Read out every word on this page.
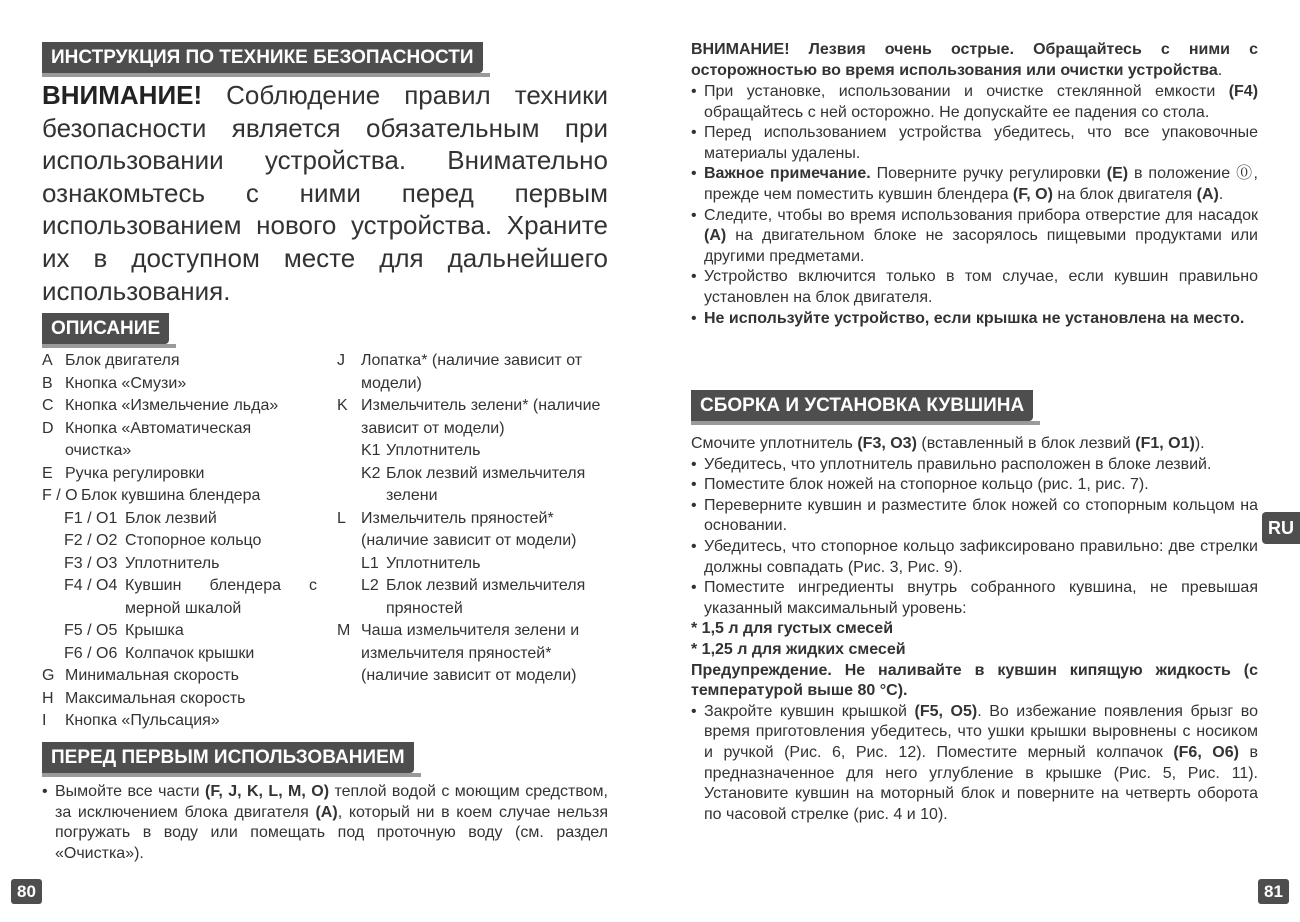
ИНСТРУКЦИЯ ПО ТЕХНИКЕ БЕЗОПАСНОСТИ
ВНИМАНИЕ! Соблюдение правил техники безопасности является обязательным при использовании устройства. Внимательно ознакомьтесь с ними перед первым использованием нового устройства. Храните их в доступном месте для дальнейшего использования.
ОПИСАНИЕ
A Блок двигателя
B Кнопка «Смузи»
C Кнопка «Измельчение льда»
D Кнопка «Автоматическая очистка»
E Ручка регулировки
F / O Блок кувшина блендера
F1 / O1 Блок лезвий
F2 / O2 Стопорное кольцо
F3 / O3 Уплотнитель
F4 / O4 Кувшин блендера с мерной шкалой
F5 / O5 Крышка
F6 / O6 Колпачок крышки
G Минимальная скорость
H Максимальная скорость
I	Кнопка «Пульсация»
J	Лопатка* (наличие зависит от модели)
K Измельчитель зелени* (наличие зависит от модели)
K1 Уплотнитель
K2 Блок лезвий измельчителя зелени
L Измельчитель пряностей* (наличие зависит от модели)
L1 Уплотнитель
L2 Блок лезвий измельчителя пряностей
M Чаша измельчителя зелени и измельчителя пряностей* (наличие зависит от модели)
ПЕРЕД ПЕРВЫМ ИСПОЛЬЗОВАНИЕМ
• Вымойте все части (F, J, K, L, M, O) теплой водой с моющим средством, за исключением блока двигателя (A), который ни в коем случае нельзя погружать в воду или помещать под проточную воду (см. раздел «Очистка»).
80
ВНИМАНИЕ! Лезвия очень острые. Обращайтесь с ними с осторожностью во время использования или очистки устройства.
• При установке, использовании и очистке стеклянной емкости (F4) обращайтесь с ней осторожно. Не допускайте ее падения со стола.
• Перед использованием устройства убедитесь, что все упаковочные материалы удалены.
• Важное примечание. Поверните ручку регулировки (E) в положение ⓪, прежде чем поместить кувшин блендера (F, O) на блок двигателя (A).
• Следите, чтобы во время использования прибора отверстие для насадок (A) на двигательном блоке не засорялось пищевыми продуктами или другими предметами.
• Устройство включится только в том случае, если кувшин правильно установлен на блок двигателя.
• Не используйте устройство, если крышка не установлена на место.
СБОРКА И УСТАНОВКА КУВШИНА
Смочите уплотнитель (F3, O3) (вставленный в блок лезвий (F1, O1)).
• Убедитесь, что уплотнитель правильно расположен в блоке лезвий.
• Поместите блок ножей на стопорное кольцо (рис. 1, рис. 7).
• Переверните кувшин и разместите блок ножей со стопорным кольцом на основании.
• Убедитесь, что стопорное кольцо зафиксировано правильно: две стрелки должны совпадать (Рис. 3, Рис. 9).
• Поместите ингредиенты внутрь собранного кувшина, не превышая указанный максимальный уровень:
* 1,5 л для густых смесей
* 1,25 л для жидких смесей
Предупреждение. Не наливайте в кувшин кипящую жидкость (с температурой выше 80 °C).
• Закройте кувшин крышкой (F5, O5). Во избежание появления брызг во время приготовления убедитесь, что ушки крышки выровнены с носиком и ручкой (Рис. 6, Рис. 12). Поместите мерный колпачок (F6, O6) в предназначенное для него углубление в крышке (Рис. 5, Рис. 11). Установите кувшин на моторный блок и поверните на четверть оборота по часовой стрелке (рис. 4 и 10).
RU
81
